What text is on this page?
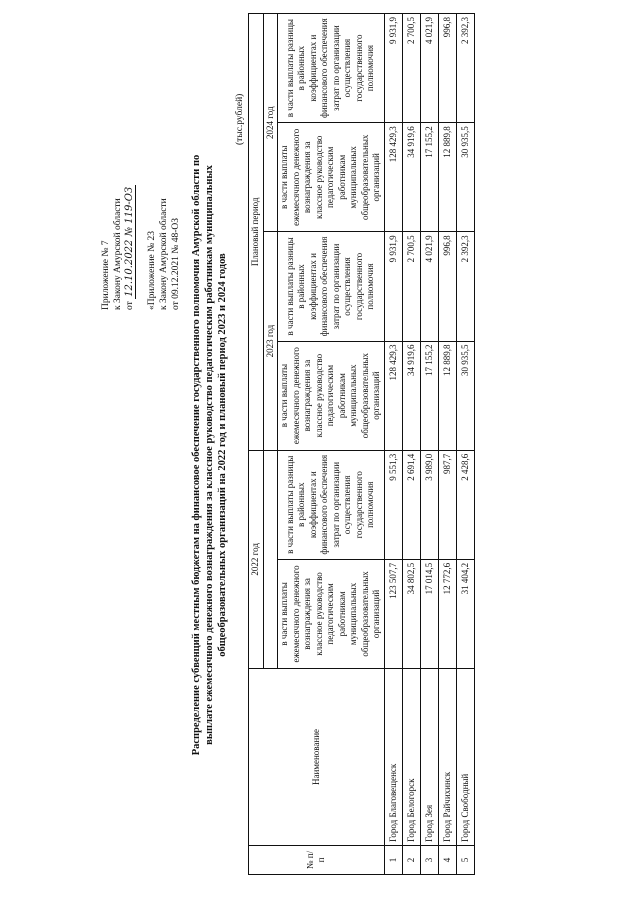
Приложение № 7 к Закону Амурской области от 12.10.2022 № 119-ОЗ «Приложение № 23 к Закону Амурской области от 09.12.2021 № 48-ОЗ Распределение субвенций местным бюджетам на финансовое обеспечение государственного полномочия Амурской области по выплате ежемесячного денежного вознаграждения за классное руководство педагогическим работникам муниципальных общеобразовательных организаций на 2022 год и плановый период 2023 и 2024 годов
(тыс.рублей)
№ п/п	Наименование	2022 год		Плановый период			
				2023 год		2024 год	
		в части выплаты ежемесячного денежного вознаграждения за классное руководство педагогическим работникам муниципальных общеобразовательных организаций	в части выплаты разницы в районных коэффициентах и финансового обеспечения затрат по организации осуществления государственного полномочия	в части выплаты ежемесячного денежного вознаграждения за классное руководство педагогическим работникам муниципальных общеобразовательных организаций	в части выплаты разницы в районных коэффициентах и финансового обеспечения затрат по организации осуществления государственного полномочия	в части выплаты ежемесячного денежного вознаграждения за классное руководство педагогическим работникам муниципальных общеобразовательных организаций	в части выплаты разницы в районных коэффициентах и финансового обеспечения затрат по организации осуществления государственного полномочия
1	Город Благовещенск	123 507,7	9 551,3	128 429,3	9 931,9	128 429,3	9 931,9
2	Город Белогорск	34 802,5	2 691,4	34 919,6	2 700,5	34 919,6	2 700,5
3	Город Зея	17 014,5	3 989,0	17 155,2	4 021,9	17 155,2	4 021,9
4	Город Райчихинск	12 772,6	987,7	12 889,8	996,8	12 889,8	996,8
5	Город Свободный	31 404,2	2 428,6	30 935,5	2 392,3	30 935,5	2 392,3
